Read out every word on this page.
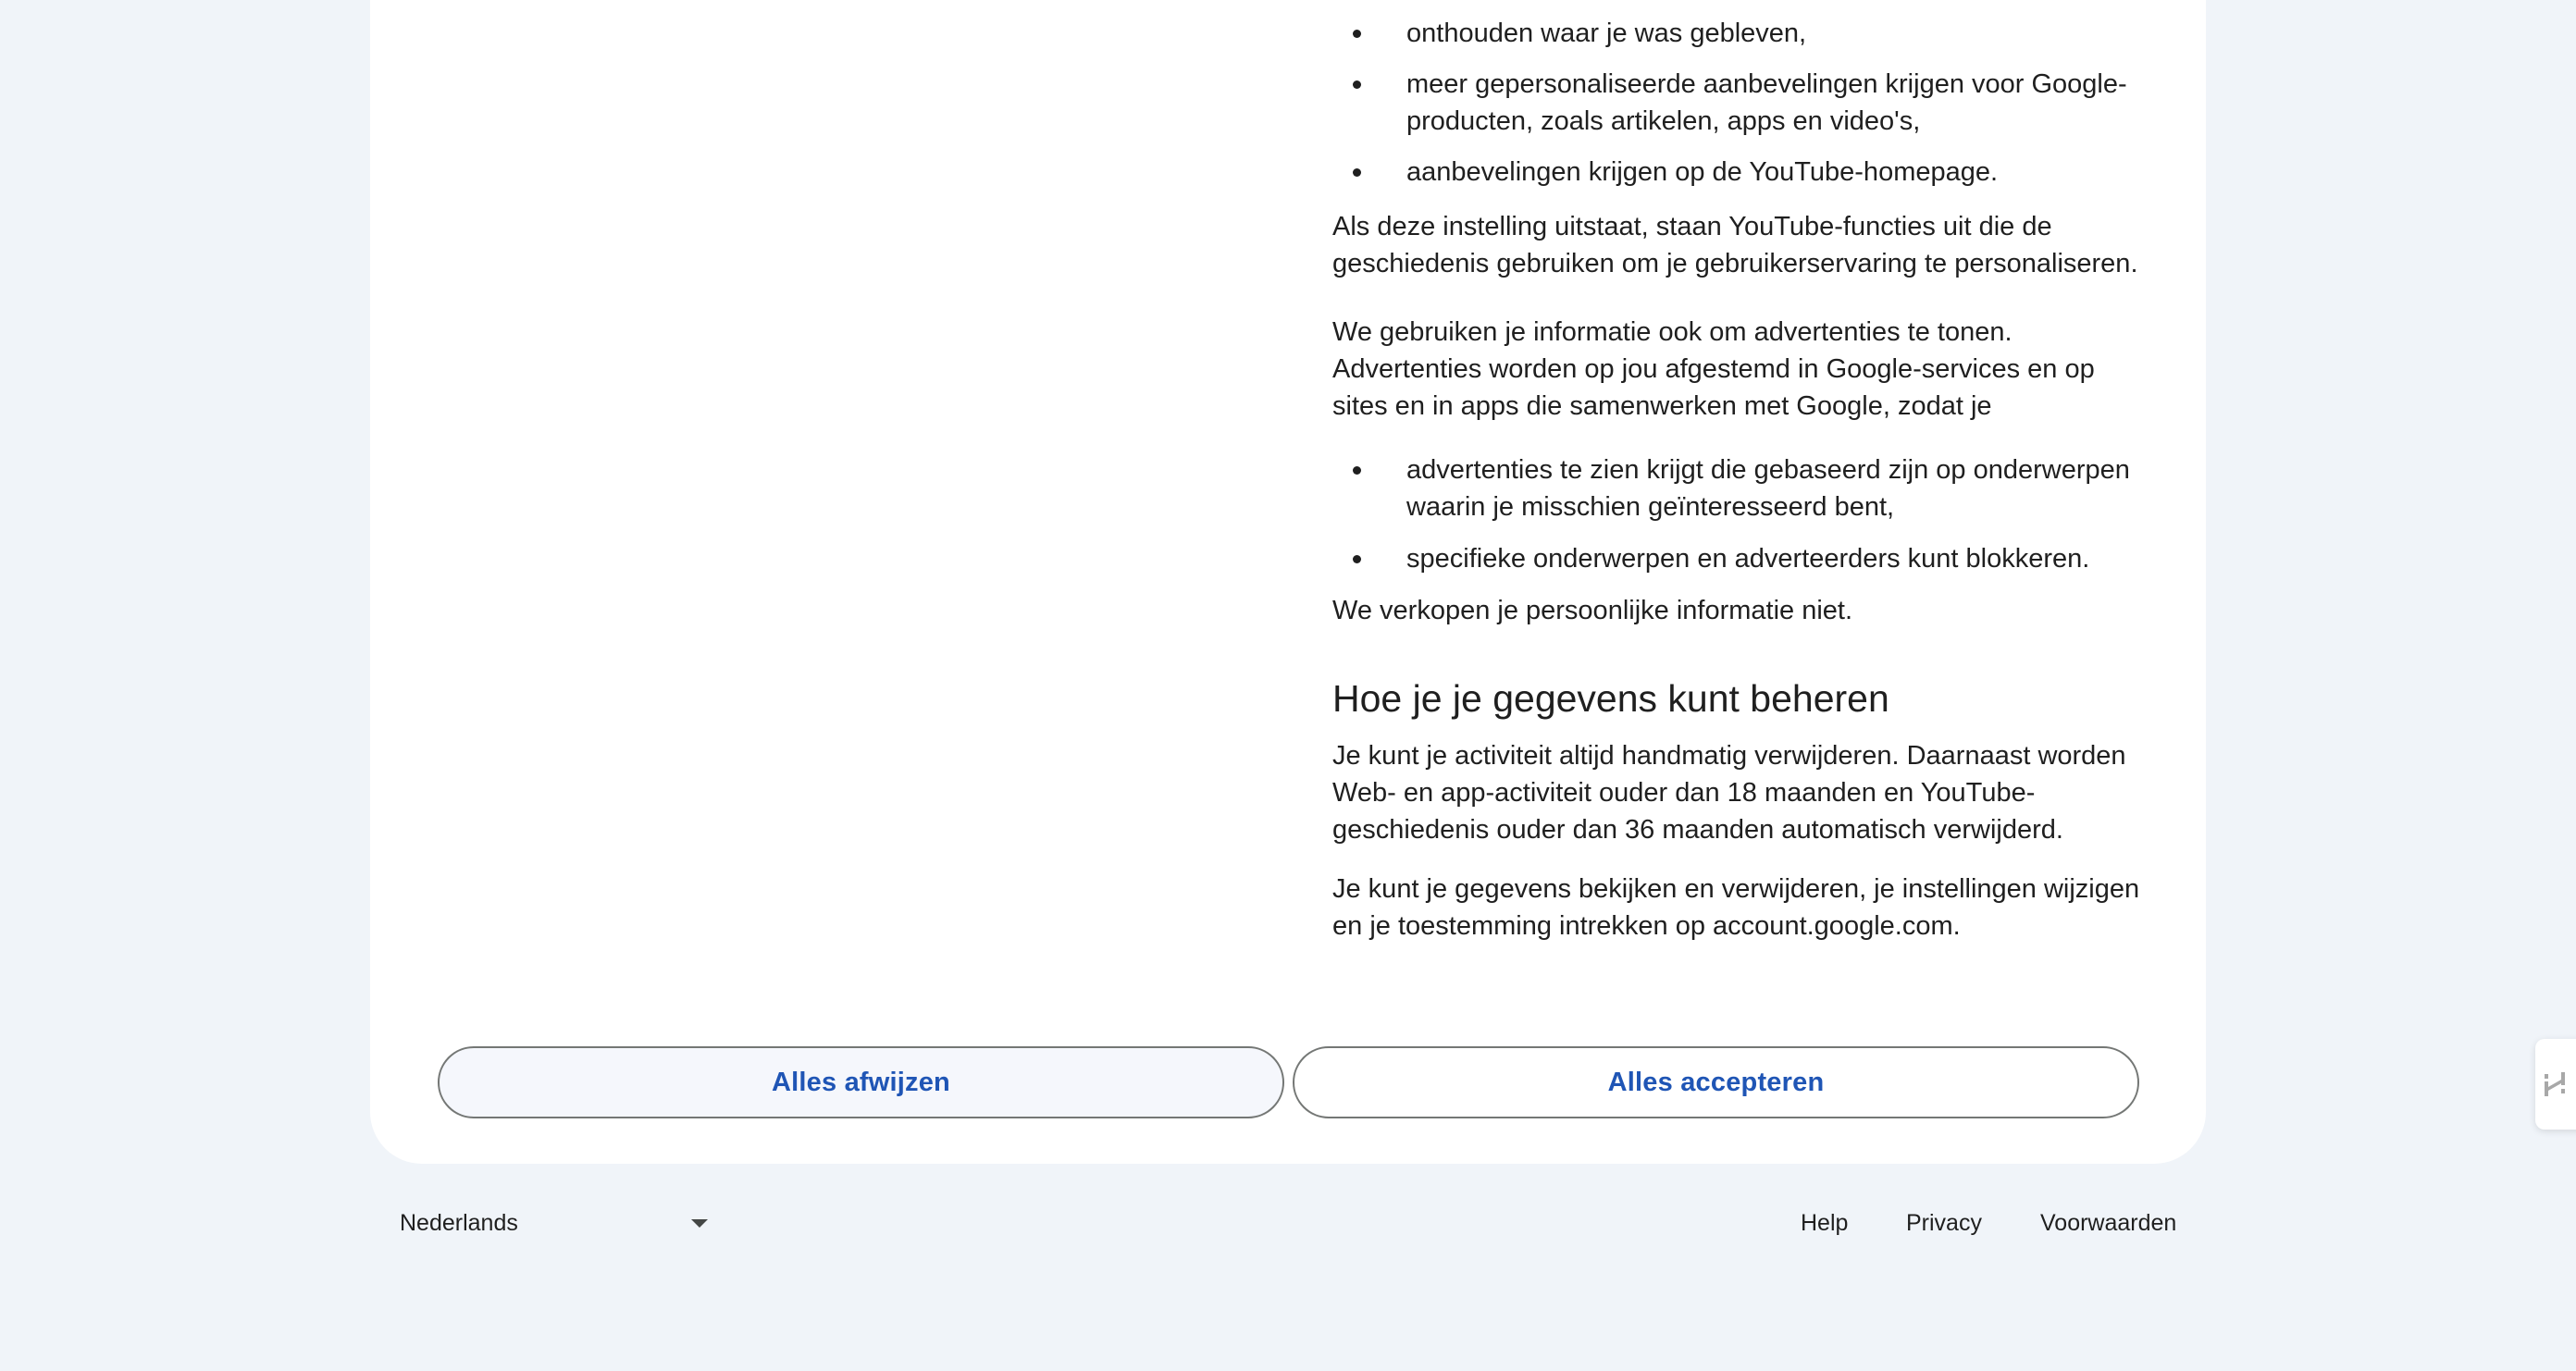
onthouden waar je was gebleven,
meer gepersonaliseerde aanbevelingen krijgen voor Google-
producten, zoals artikelen, apps en video's,
aanbevelingen krijgen op de YouTube-homepage.
Als deze instelling uitstaat, staan YouTube-functies uit die de
geschiedenis gebruiken om je gebruikerservaring te personaliseren.
We gebruiken je informatie ook om advertenties te tonen.
Advertenties worden op jou afgestemd in Google-services en op
sites en in apps die samenwerken met Google, zodat je
advertenties te zien krijgt die gebaseerd zijn op onderwerpen
waarin je misschien geïnteresseerd bent,
specifieke onderwerpen en adverteerders kunt blokkeren.
We verkopen je persoonlijke informatie niet.
Hoe je je gegevens kunt beheren
Je kunt je activiteit altijd handmatig verwijderen. Daarnaast worden
Web- en app-activiteit ouder dan 18 maanden en YouTube-
geschiedenis ouder dan 36 maanden automatisch verwijderd.
Je kunt je gegevens bekijken en verwijderen, je instellingen wijzigen
en je toestemming intrekken op account.google.com.
Alles afwijzen	Alles accepteren
Nederlands	Help	Privacy	Voorwaarden
